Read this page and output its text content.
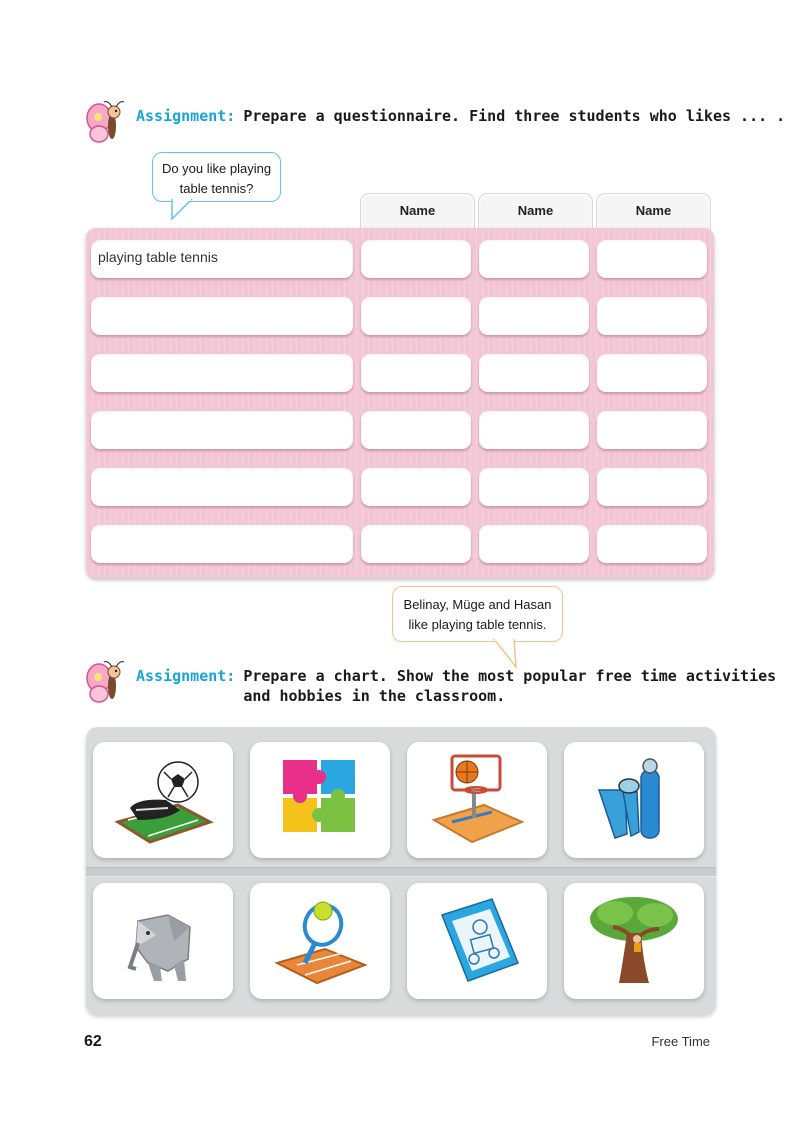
Assignment: Prepare a questionnaire. Find three students who likes ... .
Do you like playing
table tennis?
Name	Name	Name
playing table tennis
Belinay, Müge and Hasan
like playing table tennis.
Assignment: Prepare a chart. Show the most popular free time activities
and hobbies in the classroom.
62	Free Time
